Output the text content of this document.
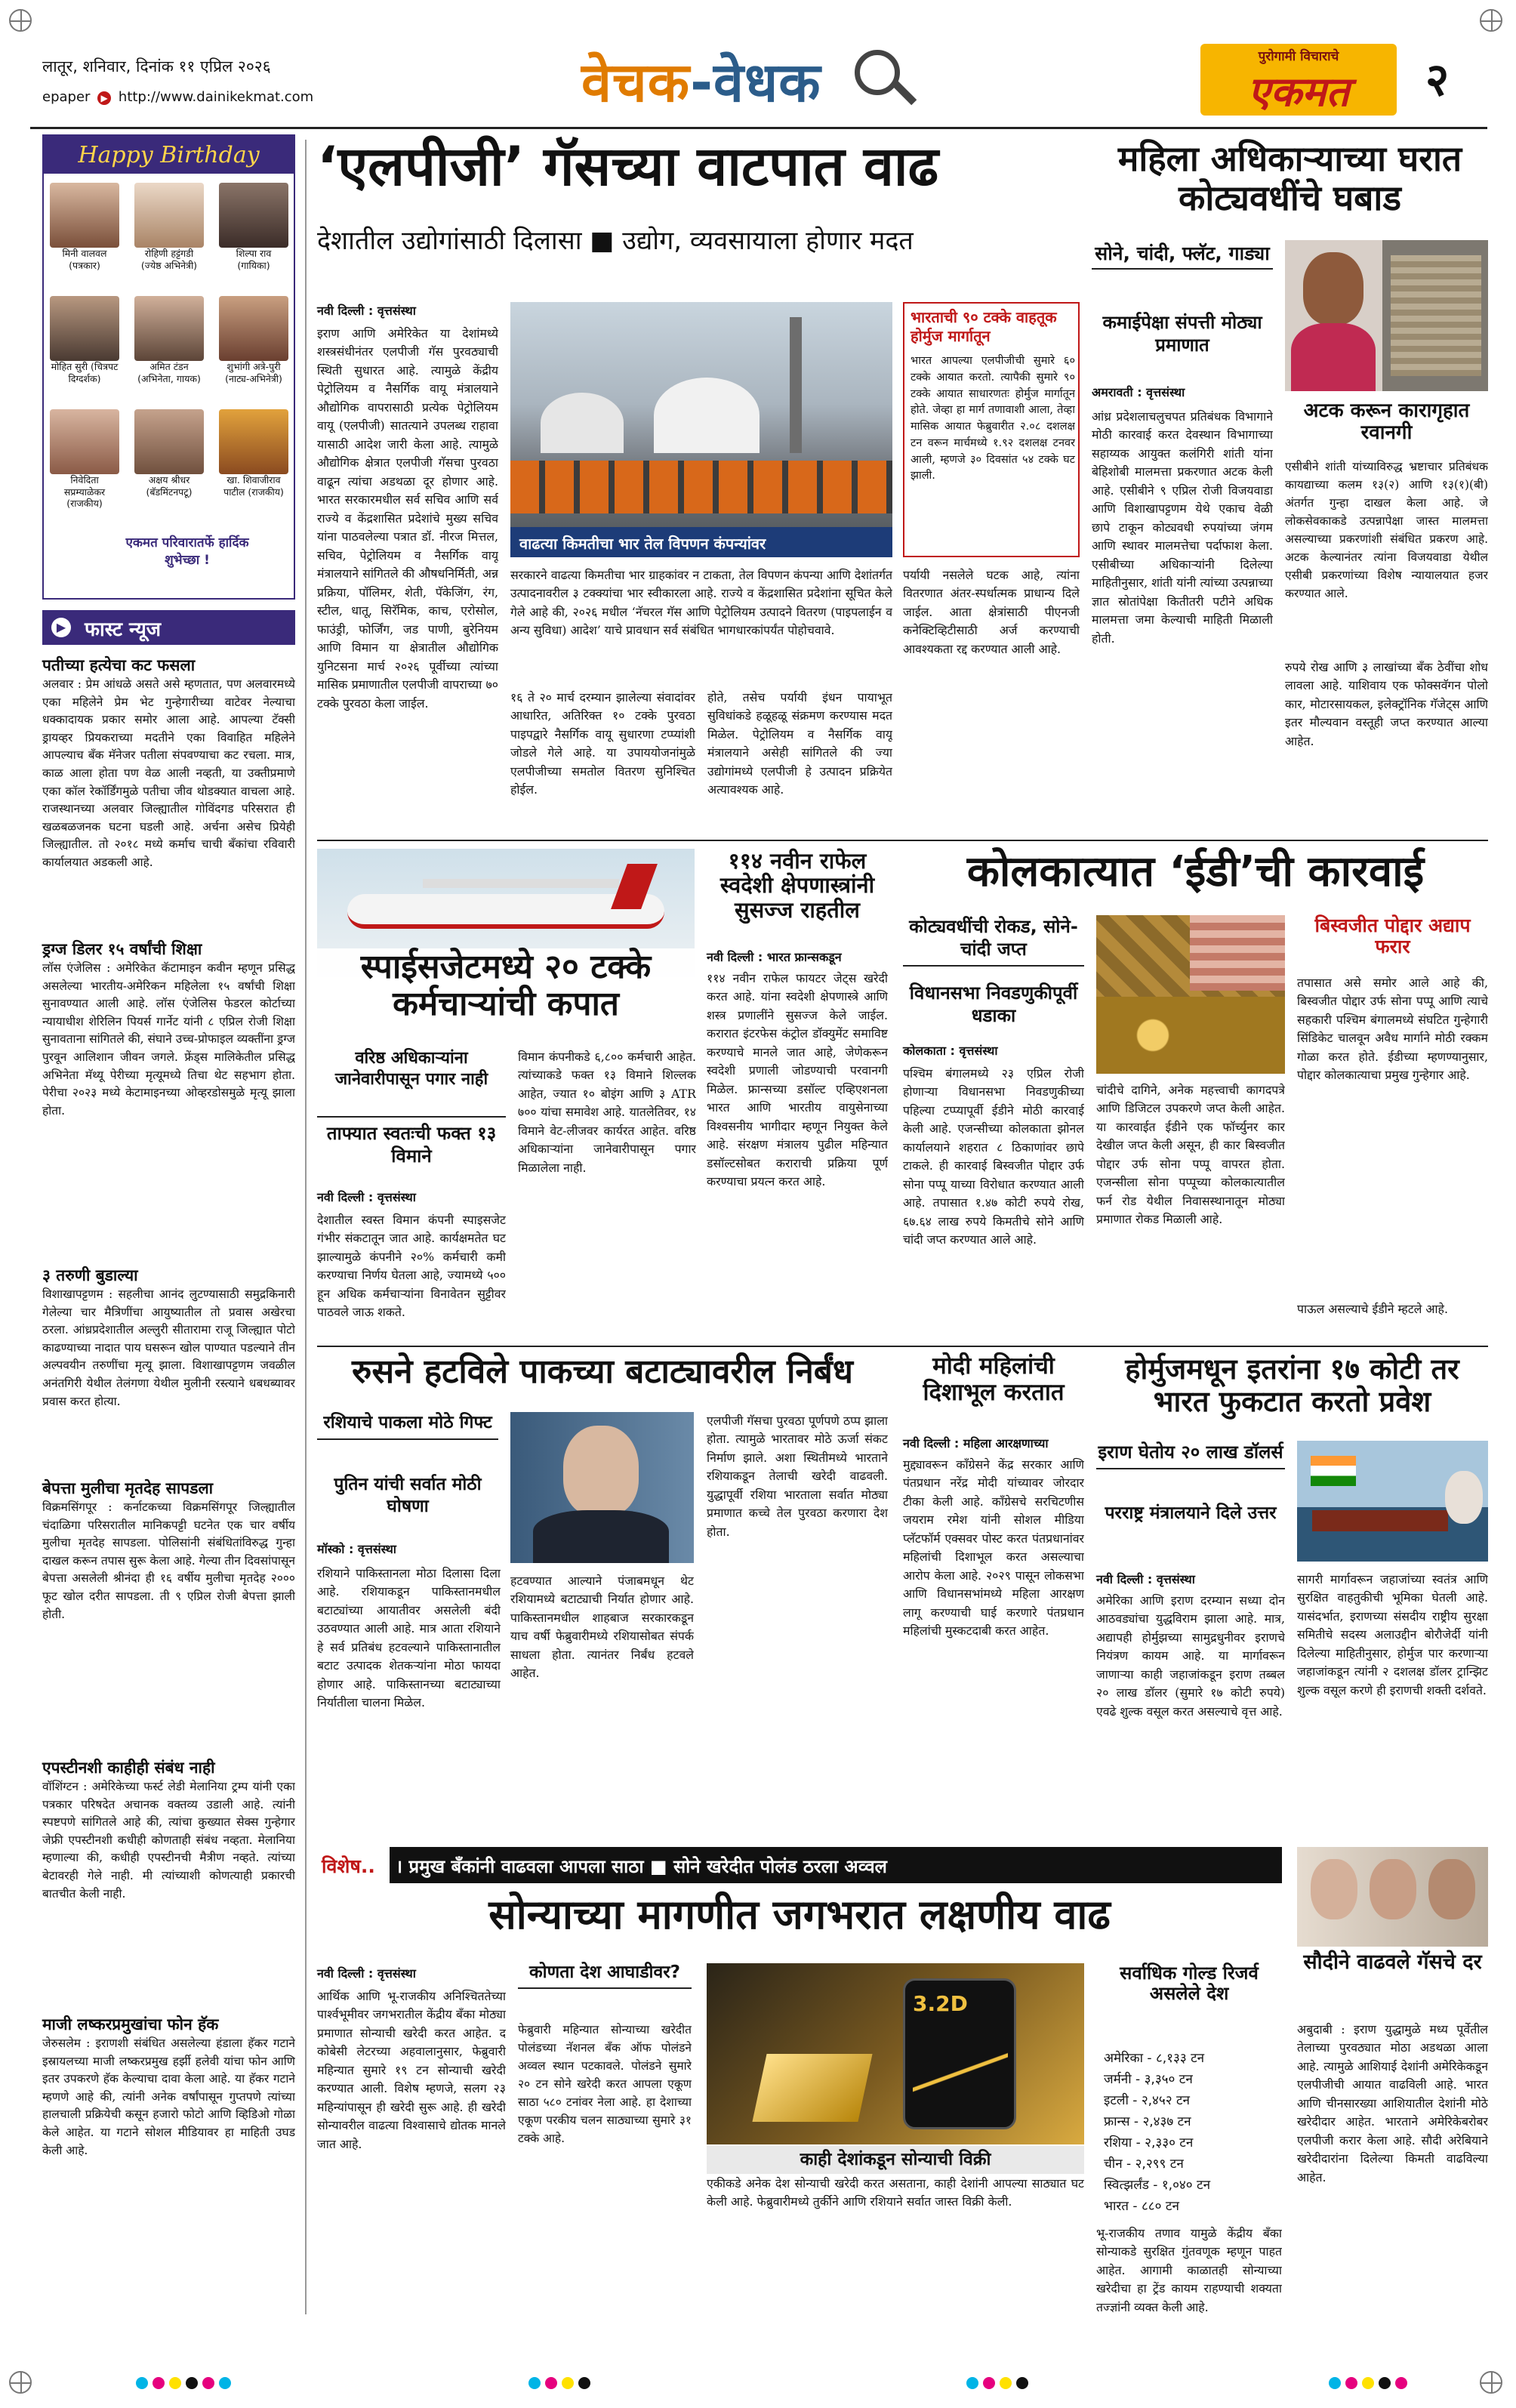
लातूर, शनिवार, दिनांक ११ एप्रिल २०२६
epaper ▶ http://www.dainikekmat.com	वेचक-वेधक	पुरोगामी विचाराचे
एकमत	२
Happy Birthday
मिनी वालवल (पत्रकार)
रोहिणी हट्टंगडी (ज्येष्ठ अभिनेत्री)
शिल्पा राव (गायिका)
मोहित सुरी (चित्रपट दिग्दर्शक)
अमित टंडन (अभिनेता, गायक)
शुभांगी अत्रे-पुरी (नाट्य-अभिनेत्री)
निवेदिता सप्रम्याळेकर (राजकीय)
अक्षय श्रीधर (बॅडमिंटनपटू)
खा. शिवाजीराव पाटील (राजकीय)
एकमत परिवारातर्फे हार्दिक शुभेच्छा !
▶ फास्ट न्यूज
पतीच्या हत्येचा कट फसला
अलवार : प्रेम आंधळे असते असे म्हणतात, पण अलवारमध्ये एका महिलेने प्रेम भेट गुन्हेगारीच्या वाटेवर नेल्याचा धक्कादायक प्रकार समोर आला आहे. आपल्या टॅक्सी ड्रायव्हर प्रियकराच्या मदतीने एका विवाहित महिलेने आपल्याच बँक मॅनेजर पतीला संपवण्याचा कट रचला. मात्र, काळ आला होता पण वेळ आली नव्हती, या उक्तीप्रमाणे एका कॉल रेकॉर्डिंगमुळे पतीचा जीव थोडक्यात वाचला आहे. राजस्थानच्या अलवार जिल्ह्यातील गोविंदगड परिसरात ही खळबळजनक घटना घडली आहे. अर्चना असेच प्रियेही जिल्ह्यातील. तो २०१८ मध्ये कर्माच चाची बँकांचा रविवारी कार्यालयात अडकली आहे.
ड्रग्ज डिलर १५ वर्षांची शिक्षा
लॉस एंजेलिस : अमेरिकेत कॅटामाइन कवीन म्हणून प्रसिद्ध असलेल्या भारतीय-अमेरिकन महिलेला १५ वर्षांची शिक्षा सुनावण्यात आली आहे. लॉस एंजेलिस फेडरल कोर्टाच्या न्यायाधीश शेरिलिन पियर्स गार्नेट यांनी ८ एप्रिल रोजी शिक्षा सुनावताना सांगितले की, संघाने उच्च-प्रोफाइल व्यक्तींना ड्रग्ज पुरवून आलिशान जीवन जगले. फ्रेंड्स मालिकेतील प्रसिद्ध अभिनेता मॅथ्यू पेरीच्या मृत्यूमध्ये तिचा थेट सहभाग होता. पेरीचा २०२३ मध्ये केटामाइनच्या ओव्हरडोसमुळे मृत्यू झाला होता.
३ तरुणी बुडाल्या
विशाखापट्टणम : सहलीचा आनंद लुटण्यासाठी समुद्रकिनारी गेलेल्या चार मैत्रिणींचा आयुष्यातील तो प्रवास अखेरचा ठरला. आंध्रप्रदेशातील अल्लुरी सीतारामा राजू जिल्ह्यात पोटो काढण्याच्या नादात पाय घसरून खोल पाण्यात पडल्याने तीन अल्पवयीन तरुणींचा मृत्यू झाला. विशाखापट्टणम जवळील अनंतगिरी येथील तेलंगणा येथील मुलीनी रस्त्याने धबधब्यावर प्रवास करत होत्या.
बेपत्ता मुलीचा मृतदेह सापडला
विक्रमसिंगपूर : कर्नाटकच्या विक्रमसिंगपूर जिल्ह्यातील चंदाळिगा परिसरातील मानिकपट्टी घटनेत एक चार वर्षीय मुलीचा मृतदेह सापडला. पोलिसांनी संबंधितांविरुद्ध गुन्हा दाखल करून तपास सुरू केला आहे. गेल्या तीन दिवसांपासून बेपत्ता असलेली श्रीनंदा ही १६ वर्षीय मुलीचा मृतदेह २००० फूट खोल दरीत सापडला. ती ९ एप्रिल रोजी बेपत्ता झाली होती.
एपस्टीनशी काहीही संबंध नाही
वॉशिंग्टन : अमेरिकेच्या फर्स्ट लेडी मेलानिया ट्रम्प यांनी एका पत्रकार परिषदेत अचानक वक्तव्य उडाली आहे. त्यांनी स्पष्टपणे सांगितले आहे की, त्यांचा कुख्यात सेक्स गुन्हेगार जेफ्री एपस्टीनशी कधीही कोणताही संबंध नव्हता. मेलानिया म्हणाल्या की, कधीही एपस्टीनची मैत्रीण नव्हते. त्यांच्या बेटावरही गेले नाही. मी त्यांच्याशी कोणत्याही प्रकारची बातचीत केली नाही.
माजी लष्करप्रमुखांचा फोन हॅक
जेरुसलेम : इराणशी संबंधित असलेल्या हंडाला हॅकर गटाने इस्रायलच्या माजी लष्करप्रमुख हर्झी हलेवी यांचा फोन आणि इतर उपकरणे हॅक केल्याचा दावा केला आहे. या हॅकर गटाने म्हणणे आहे की, त्यांनी अनेक वर्षांपासून गुप्तपणे त्यांच्या हालचाली प्रक्रियेची कसून हजारो फोटो आणि व्हिडिओ गोळा केले आहेत. या गटाने सोशल मीडियावर हा माहिती उघड केली आहे.
‘एलपीजी’ गॅसच्या वाटपात वाढ
देशातील उद्योगांसाठी दिलासा ■ उद्योग, व्यवसायाला होणार मदत
नवी दिल्ली : वृत्तसंस्था
इराण आणि अमेरिकेत या देशांमध्ये शस्त्रसंधीनंतर एलपीजी गॅस पुरवठ्याची स्थिती सुधारत आहे. त्यामुळे केंद्रीय पेट्रोलियम व नैसर्गिक वायू मंत्रालयाने औद्योगिक वापरासाठी प्रत्येक पेट्रोलियम वायू (एलपीजी) सातत्याने उपलब्ध राहावा यासाठी आदेश जारी केला आहे. त्यामुळे औद्योगिक क्षेत्रात एलपीजी गॅसचा पुरवठा वाढून त्यांचा अडथळा दूर होणार आहे. भारत सरकारमधील सर्व सचिव आणि सर्व राज्ये व केंद्रशासित प्रदेशांचे मुख्य सचिव यांना पाठवलेल्या पत्रात डॉ. नीरज मित्तल, सचिव, पेट्रोलियम व नैसर्गिक वायू मंत्रालयाने सांगितले की औषधनिर्मिती, अन्न प्रक्रिया, पॉलिमर, शेती, पॅकेजिंग, रंग, स्टील, धातू, सिरॅमिक, काच, एरोसोल, फाउंड्री, फोर्जिंग, जड पाणी, बुरेनियम आणि विमान या क्षेत्रातील औद्योगिक युनिटसना मार्च २०२६ पूर्वीच्या त्यांच्या मासिक प्रमाणातील एलपीजी वापराच्या ७० टक्के पुरवठा केला जाईल.
वाढत्या किमतीचा भार तेल विपणन कंपन्यांवर
सरकारने वाढत्या किमतीचा भार ग्राहकांवर न टाकता, तेल विपणन कंपन्या आणि देशांतर्गत उत्पादनावरील ३ टक्क्यांचा भार स्वीकारला आहे. राज्ये व केंद्रशासित प्रदेशांना सूचित केले गेले आहे की, २०२६ मधील ‘नॅचरल गॅस आणि पेट्रोलियम उत्पादने वितरण (पाइपलाईन व अन्य सुविधा) आदेश’ याचे प्रावधान सर्व संबंधित भागधारकांपर्यंत पोहोचवावे.
१६ ते २० मार्च दरम्यान झालेल्या संवादांवर आधारित, अतिरिक्त १० टक्के पुरवठा पाइपद्वारे नैसर्गिक वायू सुधारणा टप्प्यांशी जोडले गेले आहे. या उपाययोजनांमुळे एलपीजीच्या समतोल वितरण सुनिश्चित होईल.
होते, तसेच पर्यायी इंधन पायाभूत सुविधांकडे हळूहळू संक्रमण करण्यास मदत मिळेल. पेट्रोलियम व नैसर्गिक वायू मंत्रालयाने असेही सांगितले की ज्या उद्योगांमध्ये एलपीजी हे उत्पादन प्रक्रियेत अत्यावश्यक आहे.
भारताची ९० टक्के वाहतूक होर्मुज मार्गातून
भारत आपल्या एलपीजीची सुमारे ६० टक्के आयात करतो. त्यापैकी सुमारे ९० टक्के आयात साधारणतः होर्मुज मार्गातून होते. जेव्हा हा मार्ग तणावाशी आला, तेव्हा मासिक आयात फेब्रुवारीत २.०८ दशलक्ष टन वरून मार्चमध्ये १.९२ दशलक्ष टनवर आली, म्हणजे ३० दिवसांत ५४ टक्के घट झाली.
पर्यायी नसलेले घटक आहे, त्यांना वितरणात अंतर-स्पर्धात्मक प्राधान्य दिले जाईल. आता क्षेत्रांसाठी पीएनजी कनेक्टिव्हिटीसाठी अर्ज करण्याची आवश्यकता रद्द करण्यात आली आहे.
महिला अधिकाऱ्याच्या घरात कोट्यवधींचे घबाड
सोने, चांदी, फ्लॅट, गाड्या
कमाईपेक्षा संपत्ती मोठ्या प्रमाणात
अमरावती : वृत्तसंस्था
आंध्र प्रदेशलाचलुचपत प्रतिबंधक विभागाने मोठी कारवाई करत देवस्थान विभागाच्या सहाय्यक आयुक्त कलंगिरी शांती यांना बेहिशोबी मालमत्ता प्रकरणात अटक केली आहे. एसीबीने ९ एप्रिल रोजी विजयवाडा आणि विशाखापट्टणम येथे एकाच वेळी छापे टाकून कोट्यवधी रुपयांच्या जंगम आणि स्थावर मालमत्तेचा पर्दाफाश केला. एसीबीच्या अधिकाऱ्यांनी दिलेल्या माहितीनुसार, शांती यांनी त्यांच्या उत्पन्नाच्या ज्ञात स्रोतांपेक्षा कितीतरी पटीने अधिक मालमत्ता जमा केल्याची माहिती मिळाली होती.
अटक करून कारागृहात रवानगी
एसीबीने शांती यांच्याविरुद्ध भ्रष्टाचार प्रतिबंधक कायद्याच्या कलम १३(२) आणि १३(१)(बी) अंतर्गत गुन्हा दाखल केला आहे. जे लोकसेवकाकडे उत्पन्नापेक्षा जास्त मालमत्ता असल्याच्या प्रकरणांशी संबंधित प्रकरण आहे. अटक केल्यानंतर त्यांना विजयवाडा येथील एसीबी प्रकरणांच्या विशेष न्यायालयात हजर करण्यात आले.
रुपये रोख आणि ३ लाखांच्या बँक ठेवींचा शोध लावला आहे. याशिवाय एक फोक्सवॅगन पोलो कार, मोटारसायकल, इलेक्ट्रॉनिक गॅजेट्स आणि इतर मौल्यवान वस्तूही जप्त करण्यात आल्या आहेत.
स्पाईसजेटमध्ये २० टक्के कर्मचाऱ्यांची कपात
वरिष्ठ अधिकाऱ्यांना जानेवारीपासून पगार नाही
ताफ्यात स्वतःची फक्त १३ विमाने
नवी दिल्ली : वृत्तसंस्था
देशातील स्वस्त विमान कंपनी स्पाइसजेट गंभीर संकटातून जात आहे. कार्यक्षमतेत घट झाल्यामुळे कंपनीने २०% कर्मचारी कमी करण्याचा निर्णय घेतला आहे, ज्यामध्ये ५०० हून अधिक कर्मचाऱ्यांना विनावेतन सुट्टीवर पाठवले जाऊ शकते.
विमान कंपनीकडे ६,८०० कर्मचारी आहेत. त्यांच्याकडे फक्त १३ विमाने शिल्लक आहेत, ज्यात १० बोइंग आणि ३ ATR ७०० यांचा समावेश आहे. यातलेतिवर, १४ विमाने वेट-लीजवर कार्यरत आहेत. वरिष्ठ अधिकाऱ्यांना जानेवारीपासून पगार मिळालेला नाही.
११४ नवीन राफेल स्वदेशी क्षेपणास्त्रांनी सुसज्ज राहतील
नवी दिल्ली : भारत फ्रान्सकडून
११४ नवीन राफेल फायटर जेट्स खरेदी करत आहे. यांना स्वदेशी क्षेपणास्त्रे आणि शस्त्र प्रणालींने सुसज्ज केले जाईल. करारात इंटरफेस कंट्रोल डॉक्युमेंट समाविष्ट करण्याचे मानले जात आहे, जेणेकरून स्वदेशी प्रणाली जोडण्याची परवानगी मिळेल. फ्रान्सच्या डसॉल्ट एव्हिएशनला भारत आणि भारतीय वायुसेनाच्या विश्वसनीय भागीदार म्हणून नियुक्त केले आहे. संरक्षण मंत्रालय पुढील महिन्यात डसॉल्टसोबत कराराची प्रक्रिया पूर्ण करण्याचा प्रयत्न करत आहे.
कोलकात्यात ‘ईडी’ची कारवाई
कोट्यवधींची रोकड, सोने-चांदी जप्त
विधानसभा निवडणुकीपूर्वी धडाका
कोलकाता : वृत्तसंस्था
पश्चिम बंगालमध्ये २३ एप्रिल रोजी होणाऱ्या विधानसभा निवडणुकीच्या पहिल्या टप्प्यापूर्वी ईडीने मोठी कारवाई केली आहे. एजन्सीच्या कोलकाता झोनल कार्यालयाने शहरात ८ ठिकाणांवर छापे टाकले. ही कारवाई बिस्वजीत पोद्दार उर्फ सोना पप्पू याच्या विरोधात करण्यात आली आहे. तपासात १.४७ कोटी रुपये रोख, ६७.६४ लाख रुपये किमतीचे सोने आणि चांदी जप्त करण्यात आले आहे.
चांदीचे दागिने, अनेक महत्त्वाची कागदपत्रे आणि डिजिटल उपकरणे जप्त केली आहेत. या कारवाईत ईडीने एक फॉर्च्युनर कार देखील जप्त केली असून, ही कार बिस्वजीत पोद्दार उर्फ सोना पप्पू वापरत होता. एजन्सीला सोना पप्पूच्या कोलकात्यातील फर्न रोड येथील निवासस्थानातून मोठ्या प्रमाणात रोकड मिळाली आहे.
बिस्वजीत पोद्दार अद्याप फरार
तपासात असे समोर आले आहे की, बिस्वजीत पोद्दार उर्फ सोना पप्पू आणि त्याचे सहकारी पश्चिम बंगालमध्ये संघटित गुन्हेगारी सिंडिकेट चालवून अवैध मार्गाने मोठी रक्कम गोळा करत होते. ईडीच्या म्हणण्यानुसार, पोद्दार कोलकात्याचा प्रमुख गुन्हेगार आहे.
पाऊल असल्याचे ईडीने म्हटले आहे.
रुसने हटविले पाकच्या बटाट्यावरील निर्बंध
रशियाचे पाकला मोठे गिफ्ट
पुतिन यांची सर्वात मोठी घोषणा
मॉस्को : वृत्तसंस्था
रशियाने पाकिस्तानला मोठा दिलासा दिला आहे. रशियाकडून पाकिस्तानमधील बटाट्यांच्या आयातीवर असलेली बंदी उठवण्यात आली आहे. मात्र आता रशियाने हे सर्व प्रतिबंध हटवल्याने पाकिस्तानातील बटाट उत्पादक शेतकऱ्यांना मोठा फायदा होणार आहे. पाकिस्तानच्या बटाट्याच्या निर्यातीला चालना मिळेल.
हटवण्यात आल्याने पंजाबमधून थेट रशियामध्ये बटाट्याची निर्यात होणार आहे. पाकिस्तानमधील शाहबाज सरकारकडून याच वर्षी फेब्रुवारीमध्ये रशियासोबत संपर्क साधला होता. त्यानंतर निर्बंध हटवले आहेत.
एलपीजी गॅसचा पुरवठा पूर्णपणे ठप्प झाला होता. त्यामुळे भारतावर मोठे ऊर्जा संकट निर्माण झाले. अशा स्थितीमध्ये भारताने रशियाकडून तेलाची खरेदी वाढवली. युद्धापूर्वी रशिया भारताला सर्वात मोठ्या प्रमाणात कच्चे तेल पुरवठा करणारा देश होता.
मोदी महिलांची दिशाभूल करतात
नवी दिल्ली : महिला आरक्षणाच्या
मुद्द्यावरून काँग्रेसने केंद्र सरकार आणि पंतप्रधान नरेंद्र मोदी यांच्यावर जोरदार टीका केली आहे. काँग्रेसचे सरचिटणीस जयराम रमेश यांनी सोशल मीडिया प्लॅटफॉर्म एक्सवर पोस्ट करत पंतप्रधानांवर महिलांची दिशाभूल करत असल्याचा आरोप केला आहे. २०२९ पासून लोकसभा आणि विधानसभांमध्ये महिला आरक्षण लागू करण्याची घाई करणारे पंतप्रधान महिलांची मुस्कटदाबी करत आहेत.
होर्मुजमधून इतरांना १७ कोटी तर भारत फुकटात करतो प्रवेश
इराण घेतोय २० लाख डॉलर्स
परराष्ट्र मंत्रालयाने दिले उत्तर
नवी दिल्ली : वृत्तसंस्था
अमेरिका आणि इराण दरम्यान सध्या दोन आठवड्यांचा युद्धविराम झाला आहे. मात्र, अद्यापही होर्मुझच्या सामुद्रधुनीवर इराणचे नियंत्रण कायम आहे. या मार्गावरून जाणाऱ्या काही जहाजांकडून इराण तब्बल २० लाख डॉलर (सुमारे १७ कोटी रुपये) एवढे शुल्क वसूल करत असल्याचे वृत्त आहे.
सागरी मार्गावरून जहाजांच्या स्वतंत्र आणि सुरक्षित वाहतुकीची भूमिका घेतली आहे. यासंदर्भात, इराणच्या संसदीय राष्ट्रीय सुरक्षा समितीचे सदस्य अलाउद्दीन बोरौजेर्दी यांनी दिलेल्या माहितीनुसार, होर्मुज पार करणाऱ्या जहाजांकडून त्यांनी २ दशलक्ष डॉलर ट्रान्झिट शुल्क वसूल करणे ही इराणची शक्ती दर्शवते.
विशेष..	। प्रमुख बँकांनी वाढवला आपला साठा ■ सोने खरेदीत पोलंड ठरला अव्वल
सोन्याच्या मागणीत जगभरात लक्षणीय वाढ
नवी दिल्ली : वृत्तसंस्था
आर्थिक आणि भू-राजकीय अनिश्चिततेच्या पार्श्वभूमीवर जगभरातील केंद्रीय बँका मोठ्या प्रमाणात सोन्याची खरेदी करत आहेत. द कोबेसी लेटरच्या अहवालानुसार, फेब्रुवारी महिन्यात सुमारे १९ टन सोन्याची खरेदी करण्यात आली. विशेष म्हणजे, सलग २३ महिन्यांपासून ही खरेदी सुरू आहे. ही खरेदी सोन्यावरील वाढत्या विश्वासाचे द्योतक मानले जात आहे.
कोणता देश आघाडीवर?
फेब्रुवारी महिन्यात सोन्याच्या खरेदीत पोलंडच्या नॅशनल बँक ऑफ पोलंडने अव्वल स्थान पटकावले. पोलंडने सुमारे २० टन सोने खरेदी करत आपला एकूण साठा ५८० टनांवर नेला आहे. हा देशाच्या एकूण परकीय चलन साठ्याच्या सुमारे ३१ टक्के आहे.
3.2D
काही देशांकडून सोन्याची विक्री
एकीकडे अनेक देश सोन्याची खरेदी करत असताना, काही देशांनी आपल्या साठ्यात घट केली आहे. फेब्रुवारीमध्ये तुर्कीने आणि रशियाने सर्वात जास्त विक्री केली.
सर्वाधिक गोल्ड रिजर्व असलेले देश
अमेरिका - ८,१३३ टन
जर्मनी - ३,३५० टन
इटली - २,४५२ टन
फ्रान्स - २,४३७ टन
रशिया - २,३३० टन
चीन - २,२९९ टन
स्वित्झर्लंड - १,०४० टन
भारत - ८८० टन
भू-राजकीय तणाव यामुळे केंद्रीय बँका सोन्याकडे सुरक्षित गुंतवणूक म्हणून पाहत आहेत. आगामी काळातही सोन्याच्या खरेदीचा हा ट्रेंड कायम राहण्याची शक्यता तज्ज्ञांनी व्यक्त केली आहे.
सौदीने वाढवले गॅसचे दर
अबुदाबी : इराण युद्धामुळे मध्य पूर्वेतील तेलाच्या पुरवठ्यात मोठा अडथळा आला आहे. त्यामुळे आशियाई देशांनी अमेरिकेकडून एलपीजीची आयात वाढविली आहे. भारत आणि चीनसारख्या आशियातील देशांनी मोठे खरेदीदार आहेत. भारताने अमेरिकेबरोबर एलपीजी करार केला आहे. सौदी अरेबियाने खरेदीदारांना दिलेल्या किमती वाढविल्या आहेत.
